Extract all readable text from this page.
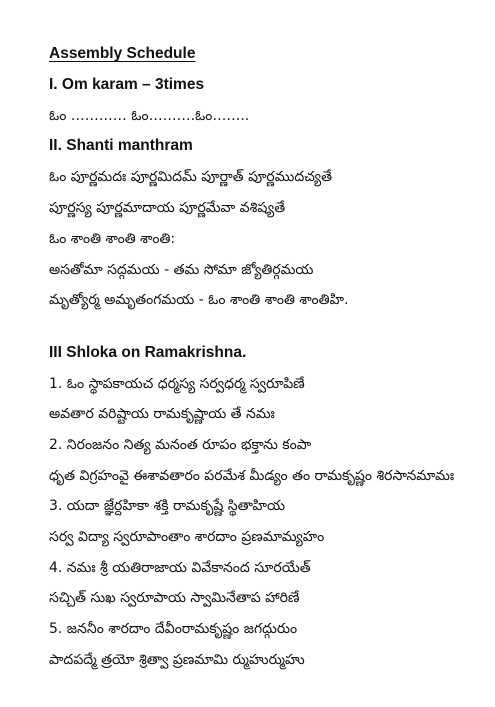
Assembly Schedule
I. Om karam – 3times
ఓం ………… ఓం……….ఓం……..
II. Shanti manthram
ఓం పూర్ణమదః పూర్ణమిదమ్ పూర్ణాత్ పూర్ణముదచ్యతే
పూర్ణస్య పూర్ణమాదాయ పూర్ణమేవా వశిష్యతే
ఓం శాంతి శాంతి శాంతి:
అసతోమా సద్గమయ - తమ సోమా జ్యోతిర్గమయ
మృత్యోర్మ అమృతంగమయ - ఓం శాంతి శాంతి శాంతిహి.
III Shloka on Ramakrishna.
1. ఓం స్థాపకాయచ ధర్మస్య సర్వధర్మ స్వరూపిణే
అవతార వరిష్టాయ రామకృష్ణాయ తే నమః
2. నిరంజనం నిత్య మనంత రూపం భక్తాను కంపా
ధృత విగ్రహంవై ఈశావతారం పరమేశ మీడ్యం తం రామకృష్ణం శిరసానమామః
3. యదా జ్ఞేర్దహికా శక్తి రామకృష్ణే స్థితాహియ
సర్వ విద్యా స్వరూపాంతాం శారదాం ప్రణమామ్యహం
4. నమః శ్రీ యతిరాజాయ వివేకానంద సూరయేత్
సచ్చిత్ సుఖ స్వరూపాయ స్వామినేతాప హారిణే
5. జననీం శారదాం దేవీంరామకృష్ణం జగద్గురుం
పాదపద్మే త్రయో శ్రిత్వా ప్రణమామి ర్ముహుర్ముహు
